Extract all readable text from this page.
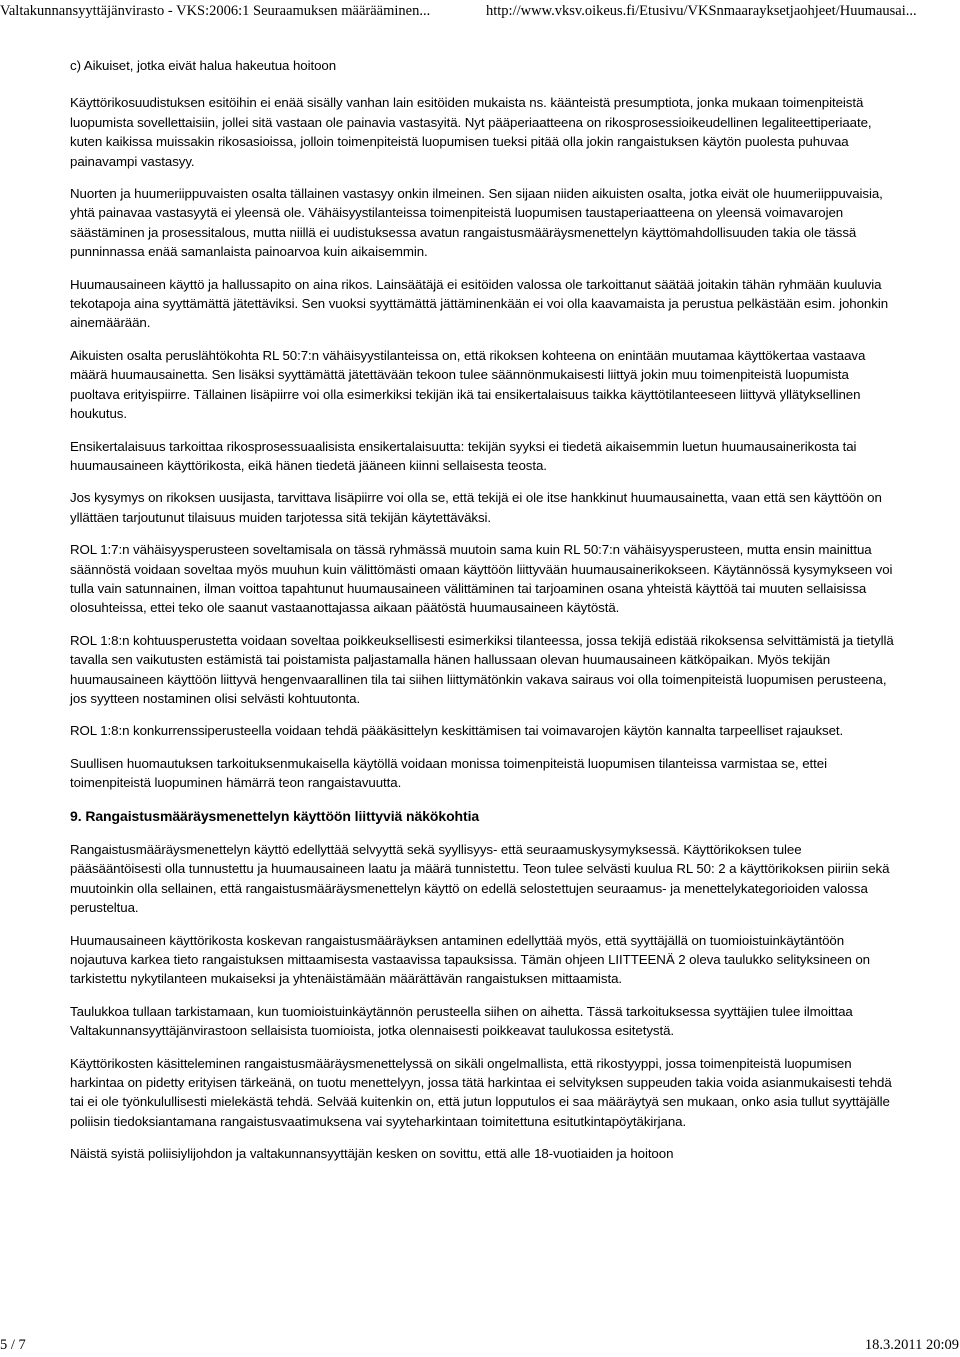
Valtakunnansyyttäjänvirasto - VKS:2006:1 Seuraamuksen määrääminen...	http://www.vksv.oikeus.fi/Etusivu/VKSnmaarayksetjaohjeet/Huumausai...

c) Aikuiset, jotka eivät halua hakeutua hoitoon

Käyttörikosuudistuksen esitöihin ei enää sisälly vanhan lain esitöiden mukaista ns. käänteistä presumptiota, jonka mukaan toimenpiteistä luopumista sovellettaisiin, jollei sitä vastaan ole painavia vastasyitä. Nyt pääperiaatteena on rikosprosessioikeudellinen legaliteettiperiaate, kuten kaikissa muissakin rikosasioissa, jolloin toimenpiteistä luopumisen tueksi pitää olla jokin rangaistuksen käytön puolesta puhuvaa painavampi vastasyy.

Nuorten ja huumeriippuvaisten osalta tällainen vastasyy onkin ilmeinen. Sen sijaan niiden aikuisten osalta, jotka eivät ole huumeriippuvaisia, yhtä painavaa vastasyytä ei yleensä ole. Vähäisyystilanteissa toimenpiteistä luopumisen taustaperiaatteena on yleensä voimavarojen säästäminen ja prosessitalous, mutta niillä ei uudistuksessa avatun rangaistusmääräysmenettelyn käyttömahdollisuuden takia ole tässä punninnassa enää samanlaista painoarvoa kuin aikaisemmin.

Huumausaineen käyttö ja hallussapito on aina rikos. Lainsäätäjä ei esitöiden valossa ole tarkoittanut säätää joitakin tähän ryhmään kuuluvia tekotapoja aina syyttämättä jätettäviksi. Sen vuoksi syyttämättä jättäminenkään ei voi olla kaavamaista ja perustua pelkästään esim. johonkin ainemäärään.

Aikuisten osalta peruslähtökohta RL 50:7:n vähäisyystilanteissa on, että rikoksen kohteena on enintään muutamaa käyttökertaa vastaava määrä huumausainetta. Sen lisäksi syyttämättä jätettävään tekoon tulee säännönmukaisesti liittyä jokin muu toimenpiteistä luopumista puoltava erityispiirre. Tällainen lisäpiirre voi olla esimerkiksi tekijän ikä tai ensikertalaisuus taikka käyttötilanteeseen liittyvä yllätyksellinen houkutus.

Ensikertalaisuus tarkoittaa rikosprosessuaalisista ensikertalaisuutta: tekijän syyksi ei tiedetä aikaisemmin luetun huumausainerikosta tai huumausaineen käyttörikosta, eikä hänen tiedetä jääneen kiinni sellaisesta teosta.

Jos kysymys on rikoksen uusijasta, tarvittava lisäpiirre voi olla se, että tekijä ei ole itse hankkinut huumausainetta, vaan että sen käyttöön on yllättäen tarjoutunut tilaisuus muiden tarjotessa sitä tekijän käytettäväksi.

ROL 1:7:n vähäisyysperusteen soveltamisala on tässä ryhmässä muutoin sama kuin RL 50:7:n vähäisyysperusteen, mutta ensin mainittua säännöstä voidaan soveltaa myös muuhun kuin välittömästi omaan käyttöön liittyvään huumausainerikokseen. Käytännössä kysymykseen voi tulla vain satunnainen, ilman voittoa tapahtunut huumausaineen välittäminen tai tarjoaminen osana yhteistä käyttöä tai muuten sellaisissa olosuhteissa, ettei teko ole saanut vastaanottajassa aikaan päätöstä huumausaineen käytöstä.

ROL 1:8:n kohtuusperustetta voidaan soveltaa poikkeuksellisesti esimerkiksi tilanteessa, jossa tekijä edistää rikoksensa selvittämistä ja tietyllä tavalla sen vaikutusten estämistä tai poistamista paljastamalla hänen hallussaan olevan huumausaineen kätköpaikan. Myös tekijän huumausaineen käyttöön liittyvä hengenvaarallinen tila tai siihen liittymätönkin vakava sairaus voi olla toimenpiteistä luopumisen perusteena, jos syytteen nostaminen olisi selvästi kohtuutonta.

ROL 1:8:n konkurrenssiperusteella voidaan tehdä pääkäsittelyn keskittämisen tai voimavarojen käytön kannalta tarpeelliset rajaukset.

Suullisen huomautuksen tarkoituksenmukaisella käytöllä voidaan monissa toimenpiteistä luopumisen tilanteissa varmistaa se, ettei toimenpiteistä luopuminen hämärrä teon rangaistavuutta.

9. Rangaistusmääräysmenettelyn käyttöön liittyviä näkökohtia

Rangaistusmääräysmenettelyn käyttö edellyttää selvyyttä sekä syyllisyys- että seuraamuskysymyksessä. Käyttörikoksen tulee pääsääntöisesti olla tunnustettu ja huumausaineen laatu ja määrä tunnistettu. Teon tulee selvästi kuulua RL 50: 2 a käyttörikoksen piiriin sekä muutoinkin olla sellainen, että rangaistusmääräysmenettelyn käyttö on edellä selostettujen seuraamus- ja menettelykategorioiden valossa perusteltua.

Huumausaineen käyttörikosta koskevan rangaistusmääräyksen antaminen edellyttää myös, että syyttäjällä on tuomioistuinkäytäntöön nojautuva karkea tieto rangaistuksen mittaamisesta vastaavissa tapauksissa. Tämän ohjeen LIITTEENÄ 2 oleva taulukko selityksineen on tarkistettu nykytilanteen mukaiseksi ja yhtenäistämään määrättävän rangaistuksen mittaamista.

Taulukkoa tullaan tarkistamaan, kun tuomioistuinkäytännön perusteella siihen on aihetta. Tässä tarkoituksessa syyttäjien tulee ilmoittaa Valtakunnansyyttäjänvirastoon sellaisista tuomioista, jotka olennaisesti poikkeavat taulukossa esitetystä.

Käyttörikosten käsitteleminen rangaistusmääräysmenettelyssä on sikäli ongelmallista, että rikostyyppi, jossa toimenpiteistä luopumisen harkintaa on pidetty erityisen tärkeänä, on tuotu menettelyyn, jossa tätä harkintaa ei selvityksen suppeuden takia voida asianmukaisesti tehdä tai ei ole työnkulullisesti mielekästä tehdä. Selvää kuitenkin on, että jutun lopputulos ei saa määräytyä sen mukaan, onko asia tullut syyttäjälle poliisin tiedoksiantamana rangaistusvaatimuksena vai syyteharkintaan toimitettuna esitutkintapöytäkirjana.

Näistä syistä poliisiylijohdon ja valtakunnansyyttäjän kesken on sovittu, että alle 18-vuotiaiden ja hoitoon

5 / 7	18.3.2011 20:09
